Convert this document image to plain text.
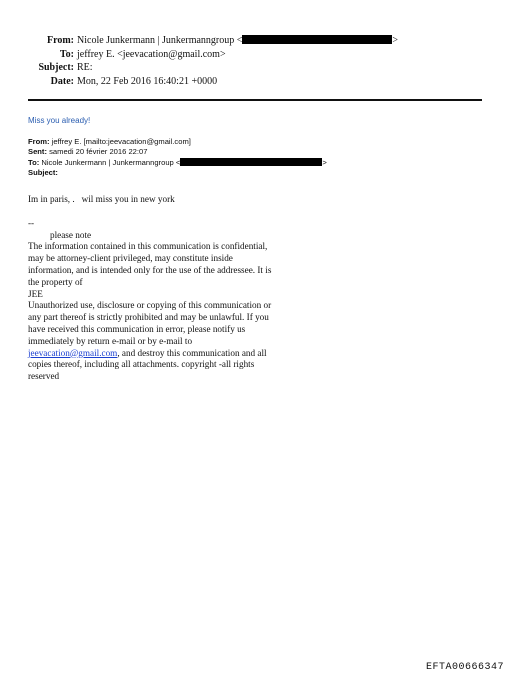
From: Nicole Junkermann | Junkermanngroup <	>
To: jeffrey E. <jeevacation@gmail.com>
Subject: RE:
Date: Mon, 22 Feb 2016 16:40:21 +0000
Miss you already!
From: jeffrey E. [mailto:jeevacation@gmail.com]
Sent: samedi 20 février 2016 22:07
To: Nicole Junkermann | Junkermanngroup <	>
Subject:

Im in paris, .   wil miss you in new york

--

please note

The information contained in this communication is confidential, may be attorney-client privileged, may constitute inside information, and is intended only for the use of the addressee. It is the property of

JEE

Unauthorized use, disclosure or copying of this communication or any part thereof is strictly prohibited and may be unlawful. If you have received this communication in error, please notify us immediately by return e-mail or by e-mail to jeevacation@gmail.com, and destroy this communication and all copies thereof, including all attachments. copyright -all rights reserved

EFTA00666347
